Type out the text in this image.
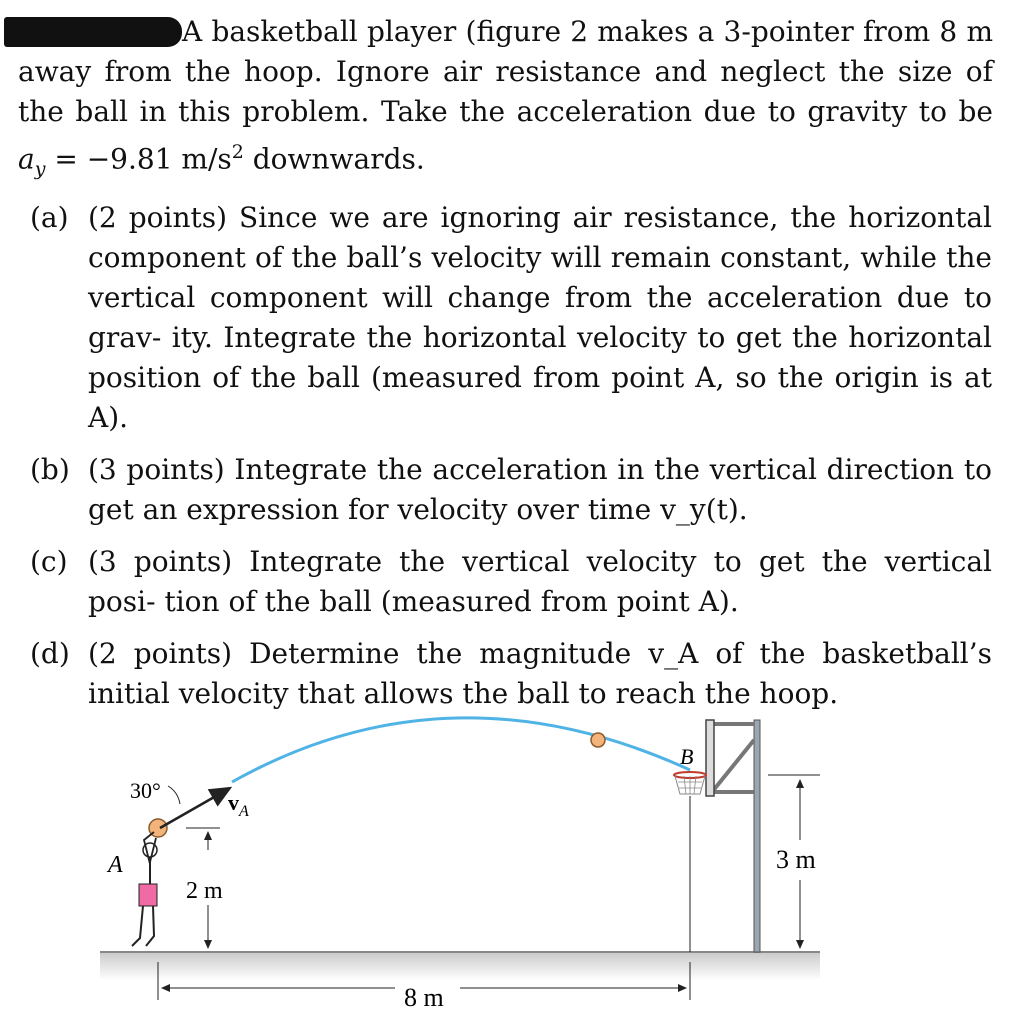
A basketball player (figure 2 makes a 3-pointer from 8 m away from the hoop. Ignore air resistance and neglect the size of the ball in this problem. Take the acceleration due to gravity to be $a_y = -9.81$ $m/s^2$ downwards.
(a) (2 points) Since we are ignoring air resistance, the horizontal component of the ball’s velocity will remain constant, while the vertical component will change from the acceleration due to grav- ity. Integrate the horizontal velocity to get the horizontal position of the ball (measured from point A, so the origin is at A).
(b) (3 points) Integrate the acceleration in the vertical direction to get an expression for velocity over time v_y(t).
(c) (3 points) Integrate the vertical velocity to get the vertical posi- tion of the ball (measured from point A).
(d) (2 points) Determine the magnitude v_A of the basketball’s initial velocity that allows the ball to reach the hoop.
B
3 m
A
30°	$v_A$
2 m
8 m
